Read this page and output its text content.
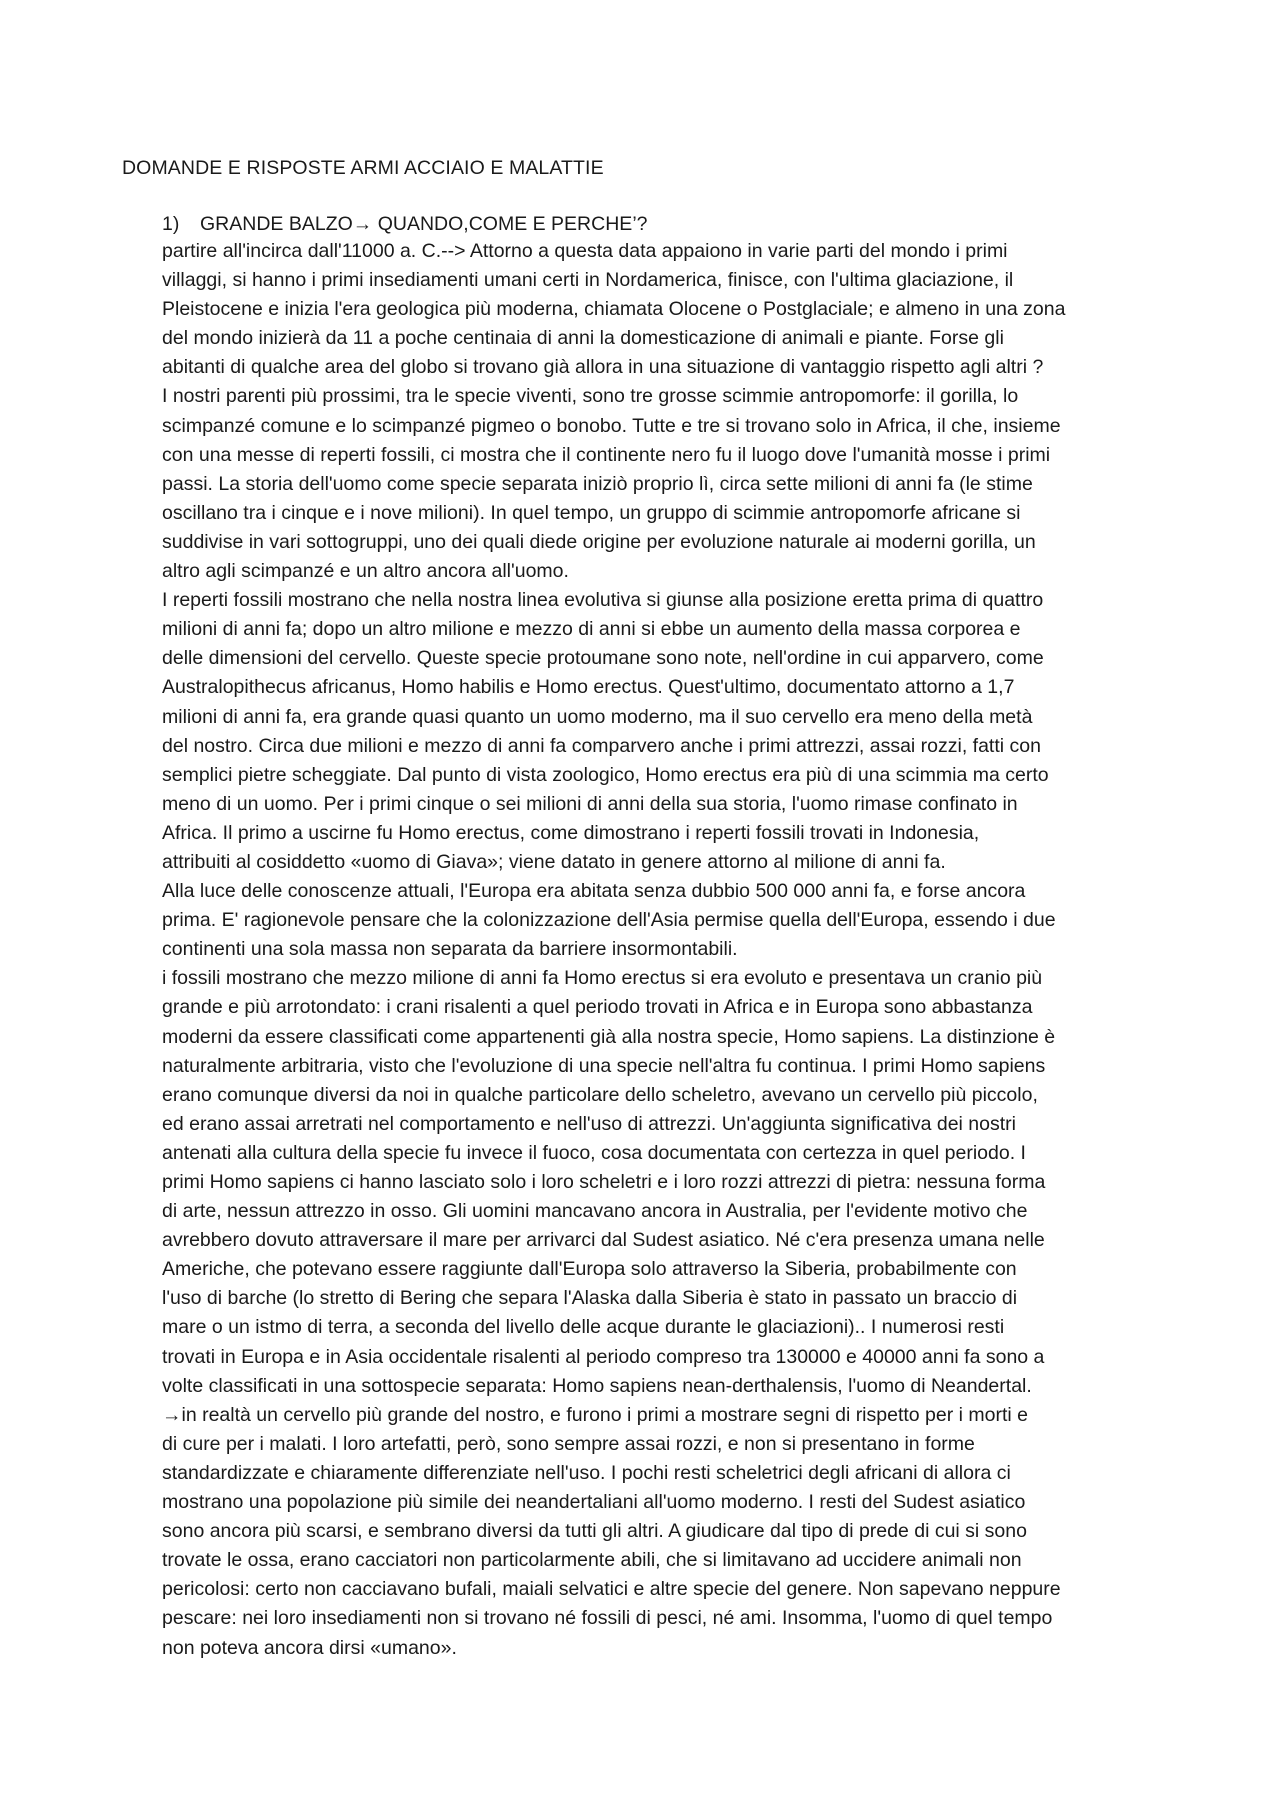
DOMANDE E RISPOSTE ARMI ACCIAIO E MALATTIE
1) GRANDE BALZO→ QUANDO,COME E PERCHE’?
partire all'incirca dall'11000 a. C.--> Attorno a questa data appaiono in varie parti del mondo i primi
villaggi, si hanno i primi insediamenti umani certi in Nordamerica, finisce, con l'ultima glaciazione, il
Pleistocene e inizia l'era geologica più moderna, chiamata Olocene o Postglaciale; e almeno in una zona
del mondo inizierà da 11 a poche centinaia di anni la domesticazione di animali e piante. Forse gli
abitanti di qualche area del globo si trovano già allora in una situazione di vantaggio rispetto agli altri ?
I nostri parenti più prossimi, tra le specie viventi, sono tre grosse scimmie antropomorfe: il gorilla, lo
scimpanzé comune e lo scimpanzé pigmeo o bonobo. Tutte e tre si trovano solo in Africa, il che, insieme
con una messe di reperti fossili, ci mostra che il continente nero fu il luogo dove l'umanità mosse i primi
passi. La storia dell'uomo come specie separata iniziò proprio lì, circa sette milioni di anni fa (le stime
oscillano tra i cinque e i nove milioni). In quel tempo, un gruppo di scimmie antropomorfe africane si
suddivise in vari sottogruppi, uno dei quali diede origine per evoluzione naturale ai moderni gorilla, un
altro agli scimpanzé e un altro ancora all'uomo.
I reperti fossili mostrano che nella nostra linea evolutiva si giunse alla posizione eretta prima di quattro
milioni di anni fa; dopo un altro milione e mezzo di anni si ebbe un aumento della massa corporea e
delle dimensioni del cervello. Queste specie protoumane sono note, nell'ordine in cui apparvero, come
Australopithecus africanus, Homo habilis e Homo erectus. Quest'ultimo, documentato attorno a 1,7
milioni di anni fa, era grande quasi quanto un uomo moderno, ma il suo cervello era meno della metà
del nostro. Circa due milioni e mezzo di anni fa comparvero anche i primi attrezzi, assai rozzi, fatti con
semplici pietre scheggiate. Dal punto di vista zoologico, Homo erectus era più di una scimmia ma certo
meno di un uomo. Per i primi cinque o sei milioni di anni della sua storia, l'uomo rimase confinato in
Africa. Il primo a uscirne fu Homo erectus, come dimostrano i reperti fossili trovati in Indonesia,
attribuiti al cosiddetto «uomo di Giava»; viene datato in genere attorno al milione di anni fa.
Alla luce delle conoscenze attuali, l'Europa era abitata senza dubbio 500 000 anni fa, e forse ancora
prima. E' ragionevole pensare che la colonizzazione dell'Asia permise quella dell'Europa, essendo i due
continenti una sola massa non separata da barriere insormontabili.
i fossili mostrano che mezzo milione di anni fa Homo erectus si era evoluto e presentava un cranio più
grande e più arrotondato: i crani risalenti a quel periodo trovati in Africa e in Europa sono abbastanza
moderni da essere classificati come appartenenti già alla nostra specie, Homo sapiens. La distinzione è
naturalmente arbitraria, visto che l'evoluzione di una specie nell'altra fu continua. I primi Homo sapiens
erano comunque diversi da noi in qualche particolare dello scheletro, avevano un cervello più piccolo,
ed erano assai arretrati nel comportamento e nell'uso di attrezzi. Un'aggiunta significativa dei nostri
antenati alla cultura della specie fu invece il fuoco, cosa documentata con certezza in quel periodo. I
primi Homo sapiens ci hanno lasciato solo i loro scheletri e i loro rozzi attrezzi di pietra: nessuna forma
di arte, nessun attrezzo in osso. Gli uomini mancavano ancora in Australia, per l'evidente motivo che
avrebbero dovuto attraversare il mare per arrivarci dal Sudest asiatico. Né c'era presenza umana nelle
Americhe, che potevano essere raggiunte dall'Europa solo attraverso la Siberia, probabilmente con
l'uso di barche (lo stretto di Bering che separa l'Alaska dalla Siberia è stato in passato un braccio di
mare o un istmo di terra, a seconda del livello delle acque durante le glaciazioni).. I numerosi resti
trovati in Europa e in Asia occidentale risalenti al periodo compreso tra 130000 e 40000 anni fa sono a
volte classificati in una sottospecie separata: Homo sapiens nean-derthalensis, l'uomo di Neandertal.
→in realtà un cervello più grande del nostro, e furono i primi a mostrare segni di rispetto per i morti e
di cure per i malati. I loro artefatti, però, sono sempre assai rozzi, e non si presentano in forme
standardizzate e chiaramente differenziate nell'uso. I pochi resti scheletrici degli africani di allora ci
mostrano una popolazione più simile dei neandertaliani all'uomo moderno. I resti del Sudest asiatico
sono ancora più scarsi, e sembrano diversi da tutti gli altri. A giudicare dal tipo di prede di cui si sono
trovate le ossa, erano cacciatori non particolarmente abili, che si limitavano ad uccidere animali non
pericolosi: certo non cacciavano bufali, maiali selvatici e altre specie del genere. Non sapevano neppure
pescare: nei loro insediamenti non si trovano né fossili di pesci, né ami. Insomma, l'uomo di quel tempo
non poteva ancora dirsi «umano».
